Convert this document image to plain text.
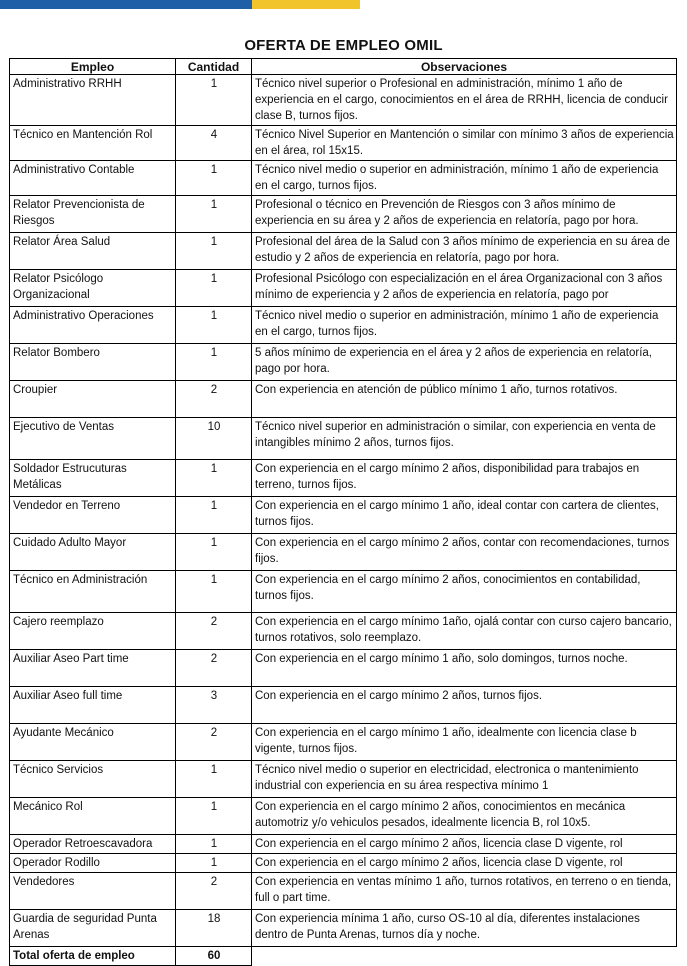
OFERTA DE EMPLEO OMIL
Empleo	Cantidad	Observaciones
Administrativo RRHH	1	Técnico nivel superior o Profesional en administración, mínimo 1 año de experiencia en el cargo, conocimientos en el área de RRHH, licencia de conducir clase B, turnos fijos.
Técnico en Mantención Rol	4	Técnico Nivel Superior en Mantención o similar con mínimo 3 años de experiencia en el área, rol 15x15.
Administrativo Contable	1	Técnico nivel medio o superior en administración, mínimo 1 año de experiencia en el cargo, turnos fijos.
Relator Prevencionista de Riesgos	1	Profesional o técnico en Prevención de Riesgos con 3 años mínimo de experiencia en su área y 2 años de experiencia en relatoría, pago por hora.
Relator Área Salud	1	Profesional del área de la Salud con 3 años mínimo de experiencia en su área de estudio y 2 años de experiencia en relatoría, pago por hora.
Relator Psicólogo Organizacional	1	Profesional Psicólogo con especialización en el área Organizacional con 3 años mínimo de experiencia y 2 años de experiencia en relatoría, pago por
Administrativo Operaciones	1	Técnico nivel medio o superior en administración, mínimo 1 año de experiencia en el cargo, turnos fijos.
Relator Bombero	1	5 años mínimo de experiencia en el área y 2 años de experiencia en relatoría, pago por hora.
Croupier	2	Con experiencia en atención de público mínimo 1 año, turnos rotativos.
Ejecutivo de Ventas	10	Técnico nivel superior en administración o similar, con experiencia en venta de intangibles mínimo 2 años, turnos fijos.
Soldador Estrucuturas Metálicas	1	Con experiencia en el cargo mínimo 2 años, disponibilidad para trabajos en terreno, turnos fijos.
Vendedor en Terreno	1	Con experiencia en el cargo mínimo 1 año, ideal contar con cartera de clientes, turnos fijos.
Cuidado Adulto Mayor	1	Con experiencia en el cargo mínimo 2 años, contar con recomendaciones, turnos fijos.
Técnico en Administración	1	Con experiencia en el cargo mínimo 2 años, conocimientos en contabilidad, turnos fijos.
Cajero reemplazo	2	Con experiencia en el cargo mínimo 1año, ojalá contar con curso cajero bancario, turnos rotativos, solo reemplazo.
Auxiliar Aseo Part time	2	Con experiencia en el cargo mínimo 1 año, solo domingos, turnos noche.
Auxiliar Aseo full time	3	Con experiencia en el cargo mínimo 2 años, turnos fijos.
Ayudante Mecánico	2	Con experiencia en el cargo mínimo 1 año, idealmente con licencia clase b vigente, turnos fijos.
Técnico Servicios	1	Técnico nivel medio o superior en electricidad, electronica o mantenimiento industrial con experiencia en su área respectiva mínimo 1
Mecánico Rol	1	Con experiencia en el cargo mínimo 2 años, conocimientos en mecánica automotriz y/o vehiculos pesados, idealmente licencia B, rol 10x5.
Operador Retroescavadora	1	Con experiencia en el cargo mínimo 2 años, licencia clase D vigente, rol
Operador Rodillo	1	Con experiencia en el cargo mínimo 2 años, licencia clase D vigente, rol
Vendedores	2	Con experiencia en ventas mínimo 1 año, turnos rotativos, en terreno o en tienda, full o part time.
Guardia de seguridad Punta Arenas	18	Con experiencia mínima 1 año, curso OS-10 al día, diferentes instalaciones dentro de Punta Arenas, turnos día y noche.
Total oferta de empleo	60	
